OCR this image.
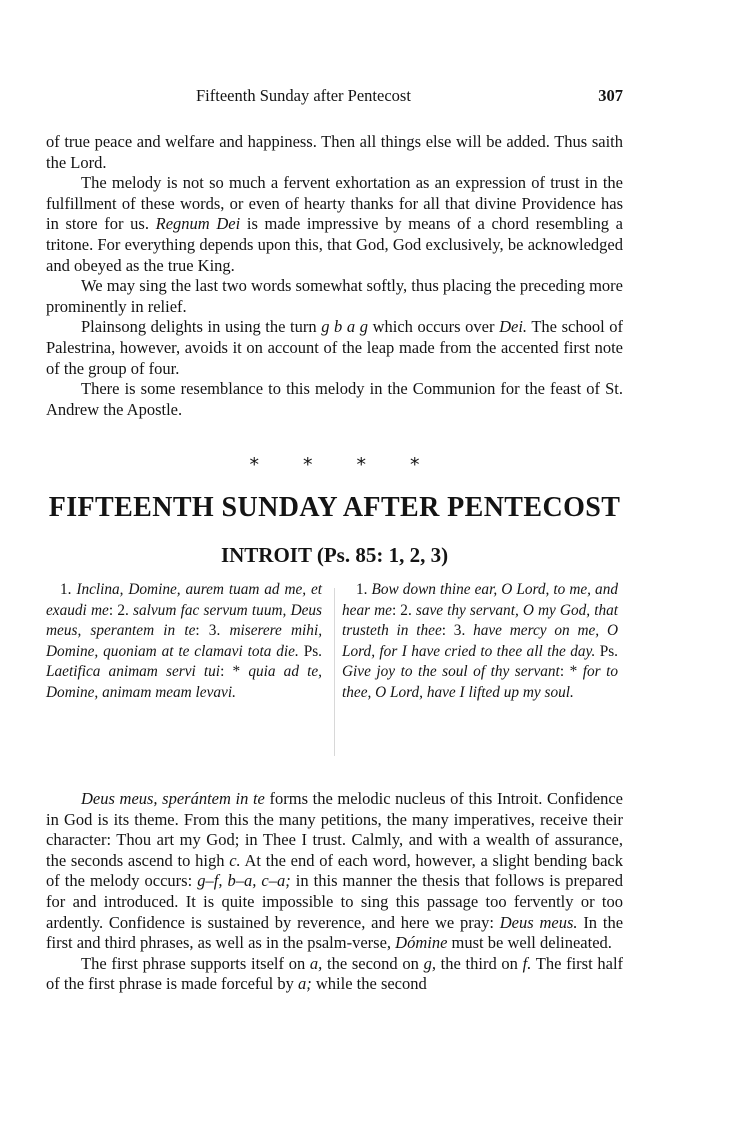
Fifteenth Sunday after Pentecost	307

of true peace and welfare and happiness. Then all things else will be added. Thus saith the Lord.

The melody is not so much a fervent exhortation as an expression of trust in the fulfillment of these words, or even of hearty thanks for all that divine Providence has in store for us. Regnum Dei is made impressive by means of a chord resembling a tritone. For everything depends upon this, that God, God exclusively, be acknowledged and obeyed as the true King.

We may sing the last two words somewhat softly, thus placing the preceding more prominently in relief.

Plainsong delights in using the turn g b a g which occurs over Dei. The school of Palestrina, however, avoids it on account of the leap made from the accented first note of the group of four.

There is some resemblance to this melody in the Communion for the feast of St. Andrew the Apostle.

* * * *
FIFTEENTH SUNDAY AFTER PENTECOST
INTROIT (Ps. 85: 1, 2, 3)

1. Inclina, Domine, aurem tuam ad me, et exaudi me: 2. salvum fac servum tuum, Deus meus, sperantem in te: 3. miserere mihi, Domine, quoniam at te clamavi tota die. Ps. Laetifica animam servi tui: * quia ad te, Domine, animam meam levavi.

1. Bow down thine ear, O Lord, to me, and hear me: 2. save thy servant, O my God, that trusteth in thee: 3. have mercy on me, O Lord, for I have cried to thee all the day. Ps. Give joy to the soul of thy servant: * for to thee, O Lord, have I lifted up my soul.

Deus meus, sperántem in te forms the melodic nucleus of this Introit. Confidence in God is its theme. From this the many petitions, the many imperatives, receive their character: Thou art my God; in Thee I trust. Calmly, and with a wealth of assurance, the seconds ascend to high c. At the end of each word, however, a slight bending back of the melody occurs: g–f, b–a, c–a; in this manner the thesis that follows is prepared for and introduced. It is quite impossible to sing this passage too fervently or too ardently. Confidence is sustained by reverence, and here we pray: Deus meus. In the first and third phrases, as well as in the psalm-verse, Dómine must be well delineated.

The first phrase supports itself on a, the second on g, the third on f. The first half of the first phrase is made forceful by a; while the second
